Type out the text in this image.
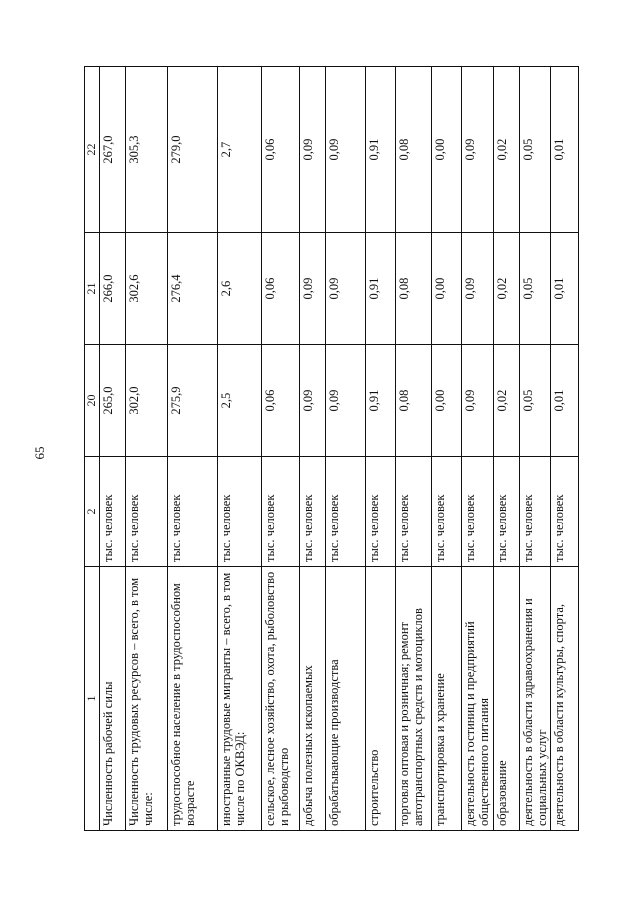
65
1	2	20	21	22
Численность рабочей силы	тыс. человек	265,0	266,0	267,0
Численность трудовых ресурсов – всего, в том числе:	тыс. человек	302,0	302,6	305,3
трудоспособное население в трудоспособном возрасте	тыс. человек	275,9	276,4	279,0
иностранные трудовые мигранты – всего, в том числе по ОКВЭД:	тыс. человек	2,5	2,6	2,7
сельское, лесное хозяйство, охота, рыболовство и рыбоводство	тыс. человек	0,06	0,06	0,06
добыча полезных ископаемых	тыс. человек	0,09	0,09	0,09
обрабатывающие производства	тыс. человек	0,09	0,09	0,09
строительство	тыс. человек	0,91	0,91	0,91
торговля оптовая и розничная; ремонт автотранспортных средств и мотоциклов	тыс. человек	0,08	0,08	0,08
транспортировка и хранение	тыс. человек	0,00	0,00	0,00
деятельность гостиниц и предприятий общественного питания	тыс. человек	0,09	0,09	0,09
образование	тыс. человек	0,02	0,02	0,02
деятельность в области здравоохранения и социальных услуг	тыс. человек	0,05	0,05	0,05
деятельность в области культуры, спорта,	тыс. человек	0,01	0,01	0,01
